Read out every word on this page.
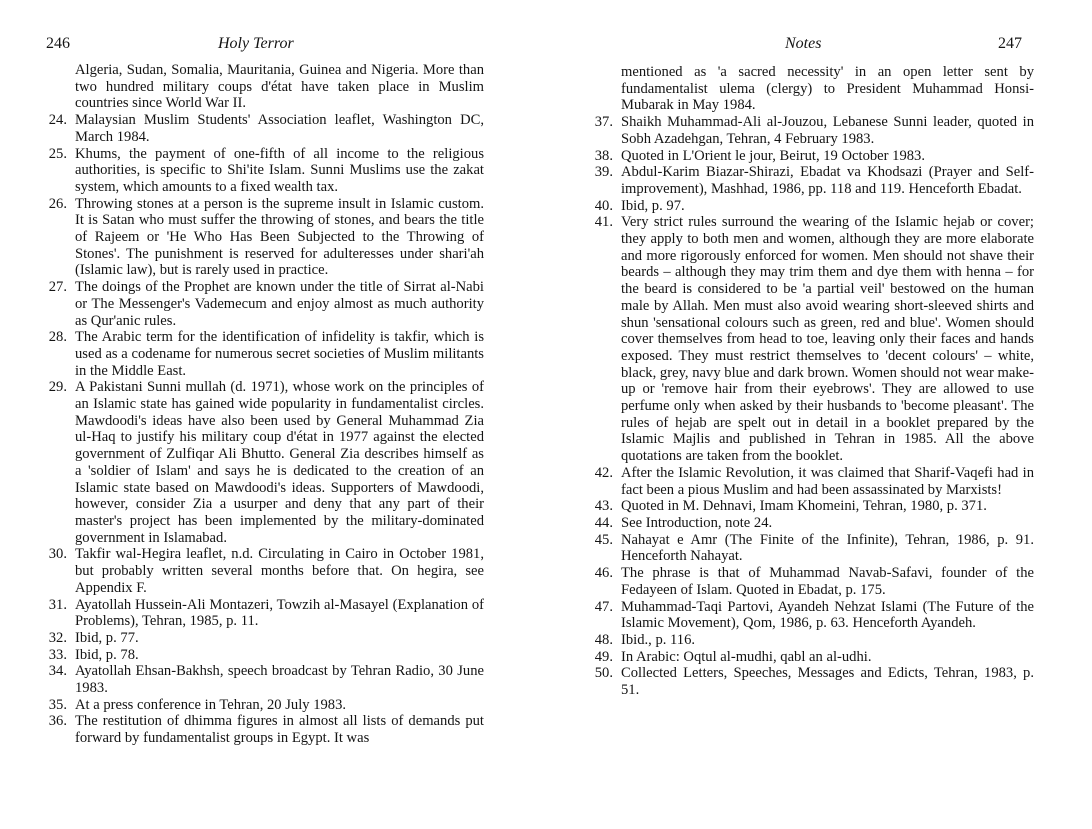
246	Holy Terror
Algeria, Sudan, Somalia, Mauritania, Guinea and Nigeria. More than two hundred military coups d'état have taken place in Muslim countries since World War II.
24. Malaysian Muslim Students' Association leaflet, Washington DC, March 1984.
25. Khums, the payment of one-fifth of all income to the religious authorities, is specific to Shi'ite Islam. Sunni Muslims use the zakat system, which amounts to a fixed wealth tax.
26. Throwing stones at a person is the supreme insult in Islamic custom. It is Satan who must suffer the throwing of stones, and bears the title of Rajeem or 'He Who Has Been Subjected to the Throwing of Stones'. The punishment is reserved for adulteresses under shari'ah (Islamic law), but is rarely used in practice.
27. The doings of the Prophet are known under the title of Sirrat al-Nabi or The Messenger's Vademecum and enjoy almost as much authority as Qur'anic rules.
28. The Arabic term for the identification of infidelity is takfir, which is used as a codename for numerous secret societies of Muslim militants in the Middle East.
29. A Pakistani Sunni mullah (d. 1971), whose work on the principles of an Islamic state has gained wide popularity in fundamentalist circles. Mawdoodi's ideas have also been used by General Muhammad Zia ul-Haq to justify his military coup d'état in 1977 against the elected government of Zulfiqar Ali Bhutto. General Zia describes himself as a 'soldier of Islam' and says he is dedicated to the creation of an Islamic state based on Mawdoodi's ideas. Supporters of Mawdoodi, however, consider Zia a usurper and deny that any part of their master's project has been implemented by the military-dominated government in Islamabad.
30. Takfir wal-Hegira leaflet, n.d. Circulating in Cairo in October 1981, but probably written several months before that. On hegira, see Appendix F.
31. Ayatollah Hussein-Ali Montazeri, Towzih al-Masayel (Explanation of Problems), Tehran, 1985, p. 11.
32. Ibid, p. 77.
33. Ibid, p. 78.
34. Ayatollah Ehsan-Bakhsh, speech broadcast by Tehran Radio, 30 June 1983.
35. At a press conference in Tehran, 20 July 1983.
36. The restitution of dhimma figures in almost all lists of demands put forward by fundamentalist groups in Egypt. It was
Notes	247
mentioned as 'a sacred necessity' in an open letter sent by fundamentalist ulema (clergy) to President Muhammad Honsi-Mubarak in May 1984.
37. Shaikh Muhammad-Ali al-Jouzou, Lebanese Sunni leader, quoted in Sobh Azadehgan, Tehran, 4 February 1983.
38. Quoted in L'Orient le jour, Beirut, 19 October 1983.
39. Abdul-Karim Biazar-Shirazi, Ebadat va Khodsazi (Prayer and Self-improvement), Mashhad, 1986, pp. 118 and 119. Henceforth Ebadat.
40. Ibid, p. 97.
41. Very strict rules surround the wearing of the Islamic hejab or cover; they apply to both men and women, although they are more elaborate and more rigorously enforced for women. Men should not shave their beards – although they may trim them and dye them with henna – for the beard is considered to be 'a partial veil' bestowed on the human male by Allah. Men must also avoid wearing short-sleeved shirts and shun 'sensational colours such as green, red and blue'. Women should cover themselves from head to toe, leaving only their faces and hands exposed. They must restrict themselves to 'decent colours' – white, black, grey, navy blue and dark brown. Women should not wear make-up or 'remove hair from their eyebrows'. They are allowed to use perfume only when asked by their husbands to 'become pleasant'. The rules of hejab are spelt out in detail in a booklet prepared by the Islamic Majlis and published in Tehran in 1985. All the above quotations are taken from the booklet.
42. After the Islamic Revolution, it was claimed that Sharif-Vaqefi had in fact been a pious Muslim and had been assassinated by Marxists!
43. Quoted in M. Dehnavi, Imam Khomeini, Tehran, 1980, p. 371.
44. See Introduction, note 24.
45. Nahayat e Amr (The Finite of the Infinite), Tehran, 1986, p. 91. Henceforth Nahayat.
46. The phrase is that of Muhammad Navab-Safavi, founder of the Fedayeen of Islam. Quoted in Ebadat, p. 175.
47. Muhammad-Taqi Partovi, Ayandeh Nehzat Islami (The Future of the Islamic Movement), Qom, 1986, p. 63. Henceforth Ayandeh.
48. Ibid., p. 116.
49. In Arabic: Oqtul al-mudhi, qabl an al-udhi.
50. Collected Letters, Speeches, Messages and Edicts, Tehran, 1983, p. 51.
